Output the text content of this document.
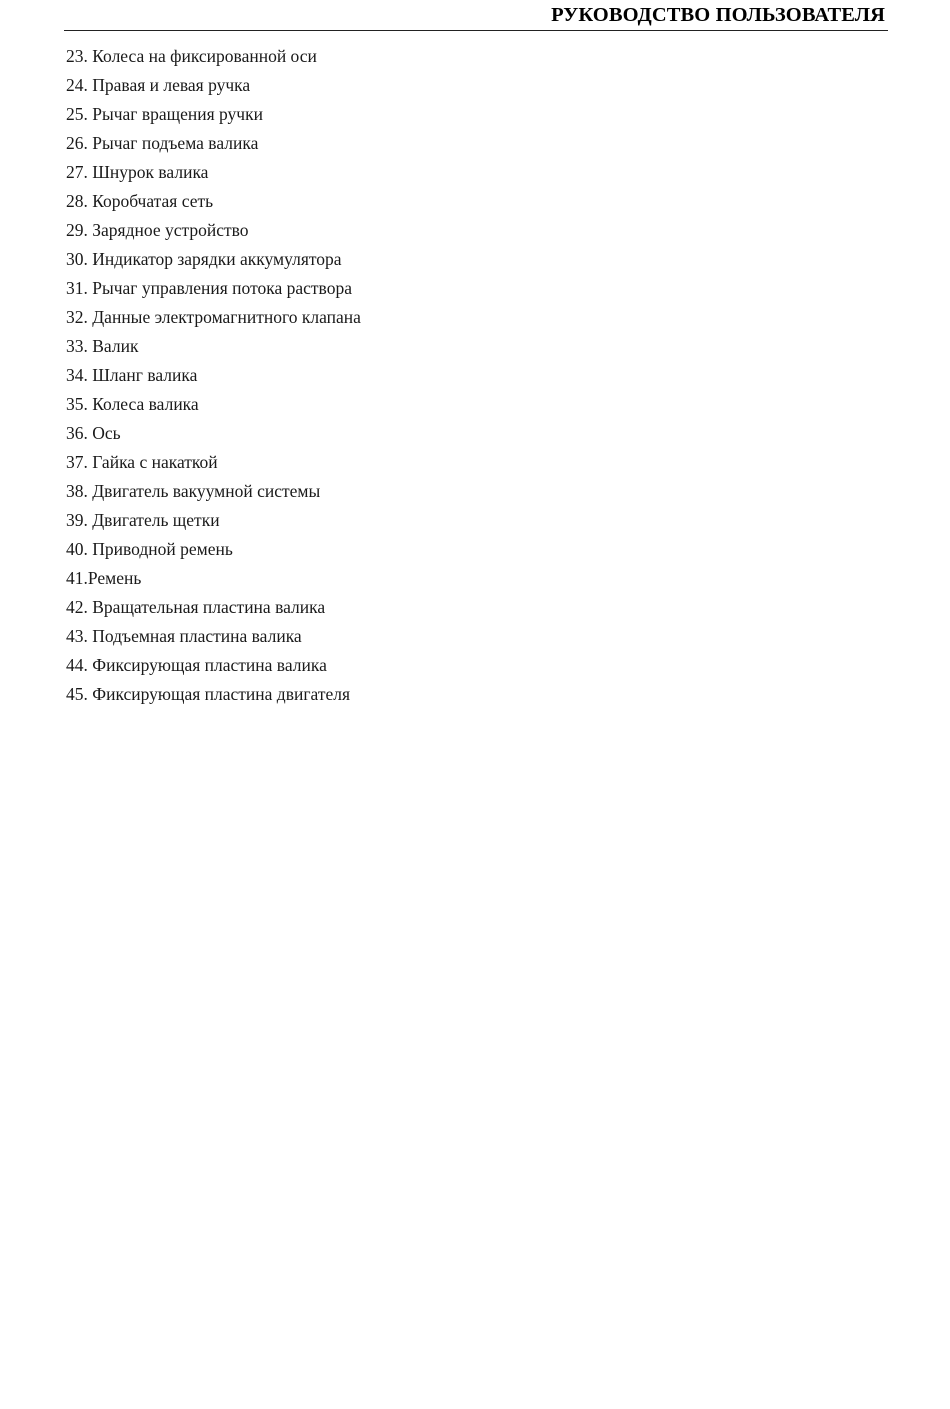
РУКОВОДСТВО ПОЛЬЗОВАТЕЛЯ
23. Колеса на фиксированной оси
24. Правая и левая ручка
25. Рычаг вращения ручки
26. Рычаг подъема валика
27. Шнурок валика
28. Коробчатая сеть
29. Зарядное устройство
30. Индикатор зарядки аккумулятора
31. Рычаг управления потока раствора
32. Данные электромагнитного клапана
33. Валик
34. Шланг валика
35. Колеса валика
36. Ось
37. Гайка с накаткой
38. Двигатель вакуумной системы
39. Двигатель щетки
40. Приводной ремень
41.Ремень
42. Вращательная пластина валика
43. Подъемная пластина валика
44. Фиксирующая пластина валика
45. Фиксирующая пластина двигателя
